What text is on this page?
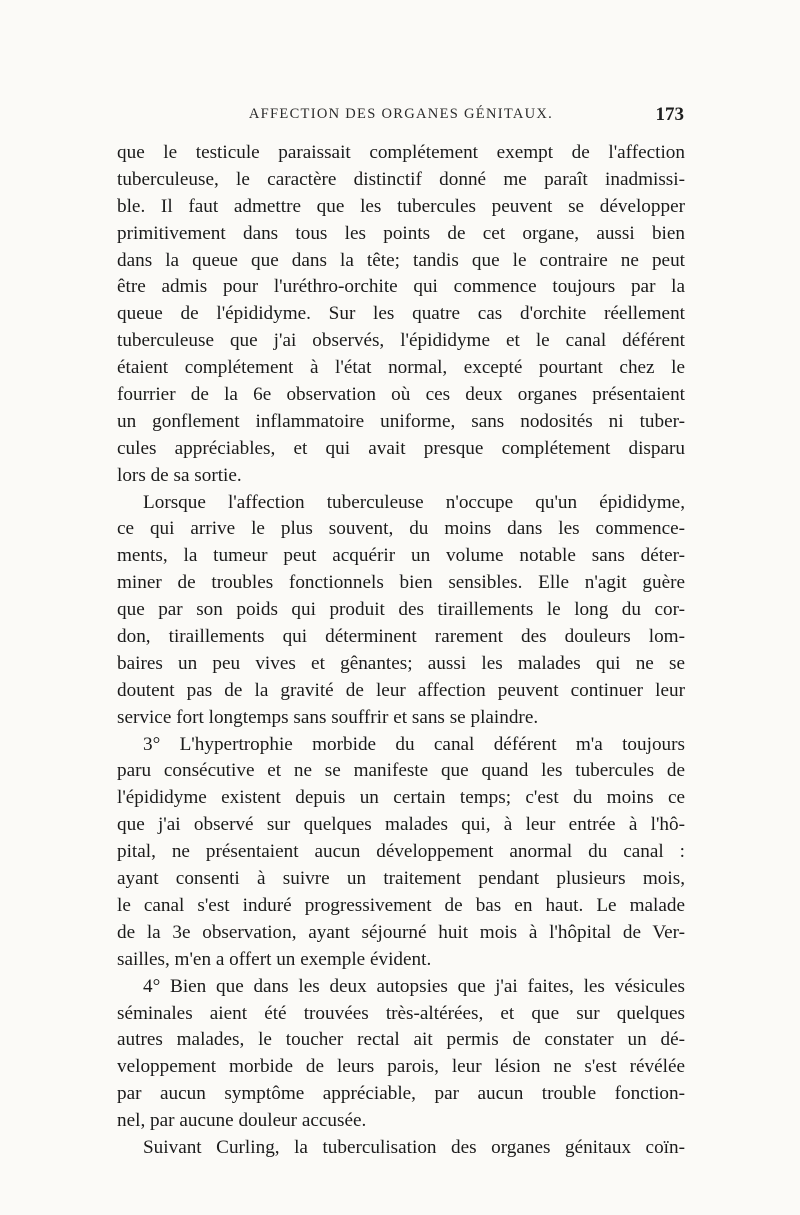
AFFECTION DES ORGANES GÉNITAUX.	173
que le testicule paraissait complétement exempt de l'affection
tuberculeuse, le caractère distinctif donné me paraît inadmissi-
ble. Il faut admettre que les tubercules peuvent se développer
primitivement dans tous les points de cet organe, aussi bien
dans la queue que dans la tête; tandis que le contraire ne peut
être admis pour l'uréthro-orchite qui commence toujours par la
queue de l'épididyme. Sur les quatre cas d'orchite réellement
tuberculeuse que j'ai observés, l'épididyme et le canal déférent
étaient complétement à l'état normal, excepté pourtant chez le
fourrier de la 6e observation où ces deux organes présentaient
un gonflement inflammatoire uniforme, sans nodosités ni tuber-
cules appréciables, et qui avait presque complétement disparu
lors de sa sortie.
Lorsque l'affection tuberculeuse n'occupe qu'un épididyme,
ce qui arrive le plus souvent, du moins dans les commence-
ments, la tumeur peut acquérir un volume notable sans déter-
miner de troubles fonctionnels bien sensibles. Elle n'agit guère
que par son poids qui produit des tiraillements le long du cor-
don, tiraillements qui déterminent rarement des douleurs lom-
baires un peu vives et gênantes; aussi les malades qui ne se
doutent pas de la gravité de leur affection peuvent continuer leur
service fort longtemps sans souffrir et sans se plaindre.
3° L'hypertrophie morbide du canal déférent m'a toujours
paru consécutive et ne se manifeste que quand les tubercules de
l'épididyme existent depuis un certain temps; c'est du moins ce
que j'ai observé sur quelques malades qui, à leur entrée à l'hô-
pital, ne présentaient aucun développement anormal du canal :
ayant consenti à suivre un traitement pendant plusieurs mois,
le canal s'est induré progressivement de bas en haut. Le malade
de la 3e observation, ayant séjourné huit mois à l'hôpital de Ver-
sailles, m'en a offert un exemple évident.
4° Bien que dans les deux autopsies que j'ai faites, les vésicules
séminales aient été trouvées très-altérées, et que sur quelques
autres malades, le toucher rectal ait permis de constater un dé-
veloppement morbide de leurs parois, leur lésion ne s'est révélée
par aucun symptôme appréciable, par aucun trouble fonction-
nel, par aucune douleur accusée.
Suivant Curling, la tuberculisation des organes génitaux coïn-
